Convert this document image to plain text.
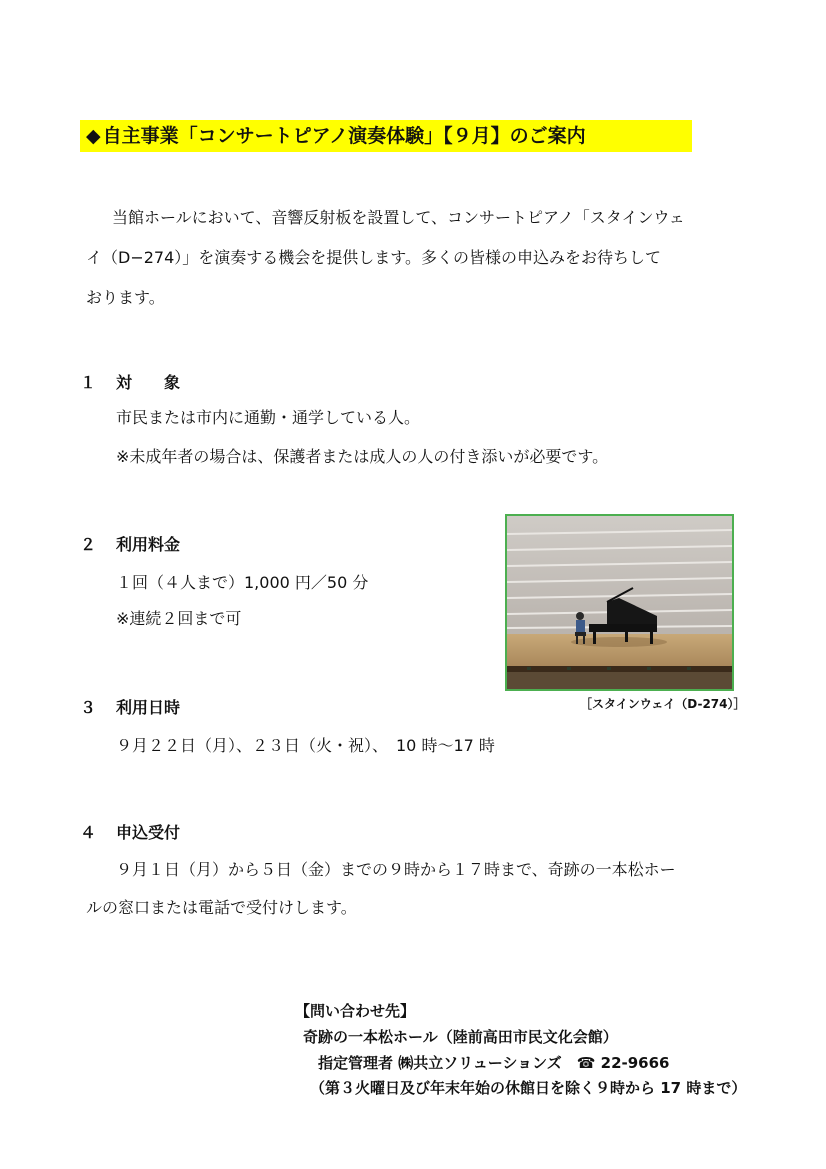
◆ 自主事業「コンサートピアノ演奏体験」【９月】のご案内
当館ホールにおいて、音響反射板を設置して、コンサートピアノ「スタインウェ
イ（D−274）」を演奏する機会を提供します。多くの皆様の申込みをお待ちして
おります。
１ 対　　象
市民または市内に通勤・通学している人。
※未成年者の場合は、保護者または成人の人の付き添いが必要です。
２ 利用料金
１回（４人まで）1,000 円／50 分
※連続２回まで可
［スタインウェイ（D-274）］
３ 利用日時
９月２２日（月）、２３日（火・祝）、　10 時〜17 時
４ 申込受付
９月１日（月）から５日（金）までの９時から１７時まで、奇跡の一本松ホー
ルの窓口または電話で受付けします。
【問い合わせ先】
奇跡の一本松ホール（陸前高田市民文化会館）
指定管理者 ㈱共立ソリューションズ　☎ 22-9666
（第３火曜日及び年末年始の休館日を除く９時から 17 時まで）
